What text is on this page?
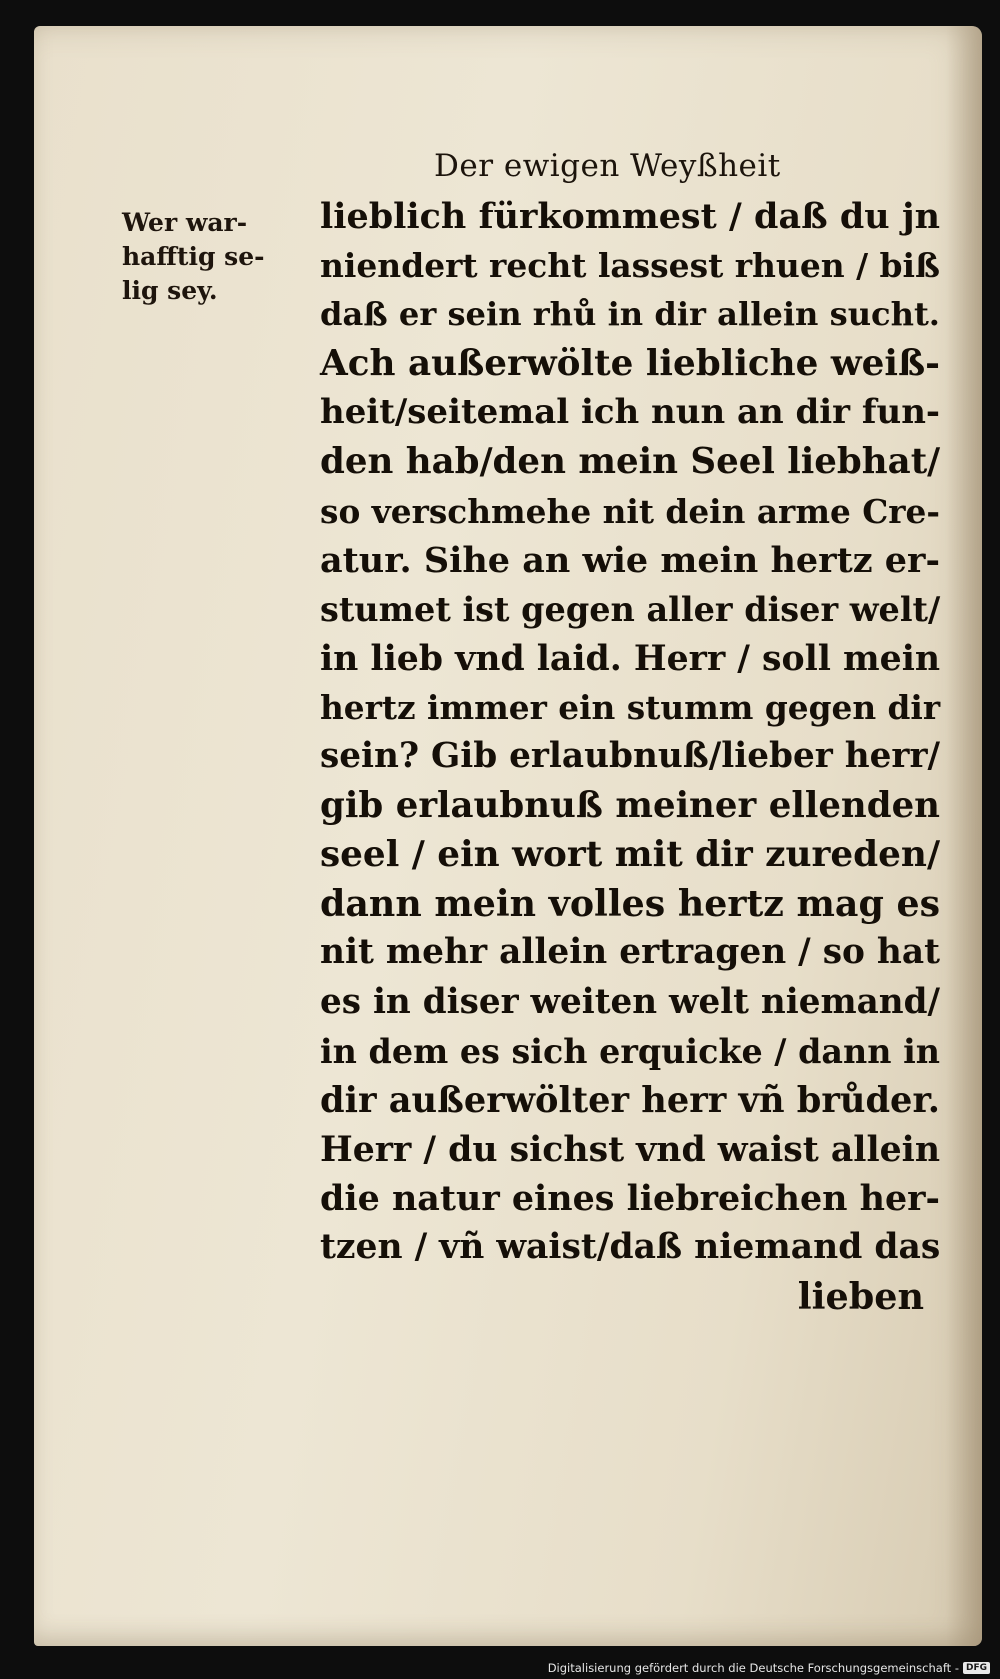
Der ewigen Weyßheit
Wer war-
hafftig se-
lig sey.
lieblich fürkommest / daß du jn
niendert recht lassest rhuen / biß
daß er sein rhů in dir allein sucht.
Ach außerwölte liebliche weiß-
heit/seitemal ich nun an dir fun-
den hab/den mein Seel liebhat/
so verschmehe nit dein arme Cre-
atur. Sihe an wie mein hertz er-
stumet ist gegen aller diser welt/
in lieb vnd laid. Herr / soll mein
hertz immer ein stumm gegen dir
sein? Gib erlaubnuß/lieber herr/
gib erlaubnuß meiner ellenden
seel / ein wort mit dir zureden/
dann mein volles hertz mag es
nit mehr allein ertragen / so hat
es in diser weiten welt niemand/
in dem es sich erquicke / dann in
dir außerwölter herr vñ brůder.
Herr / du sichst vnd waist allein
die natur eines liebreichen her-
tzen / vñ waist/daß niemand das
lieben
Digitalisierung gefördert durch die Deutsche Forschungsgemeinschaft - DFG
